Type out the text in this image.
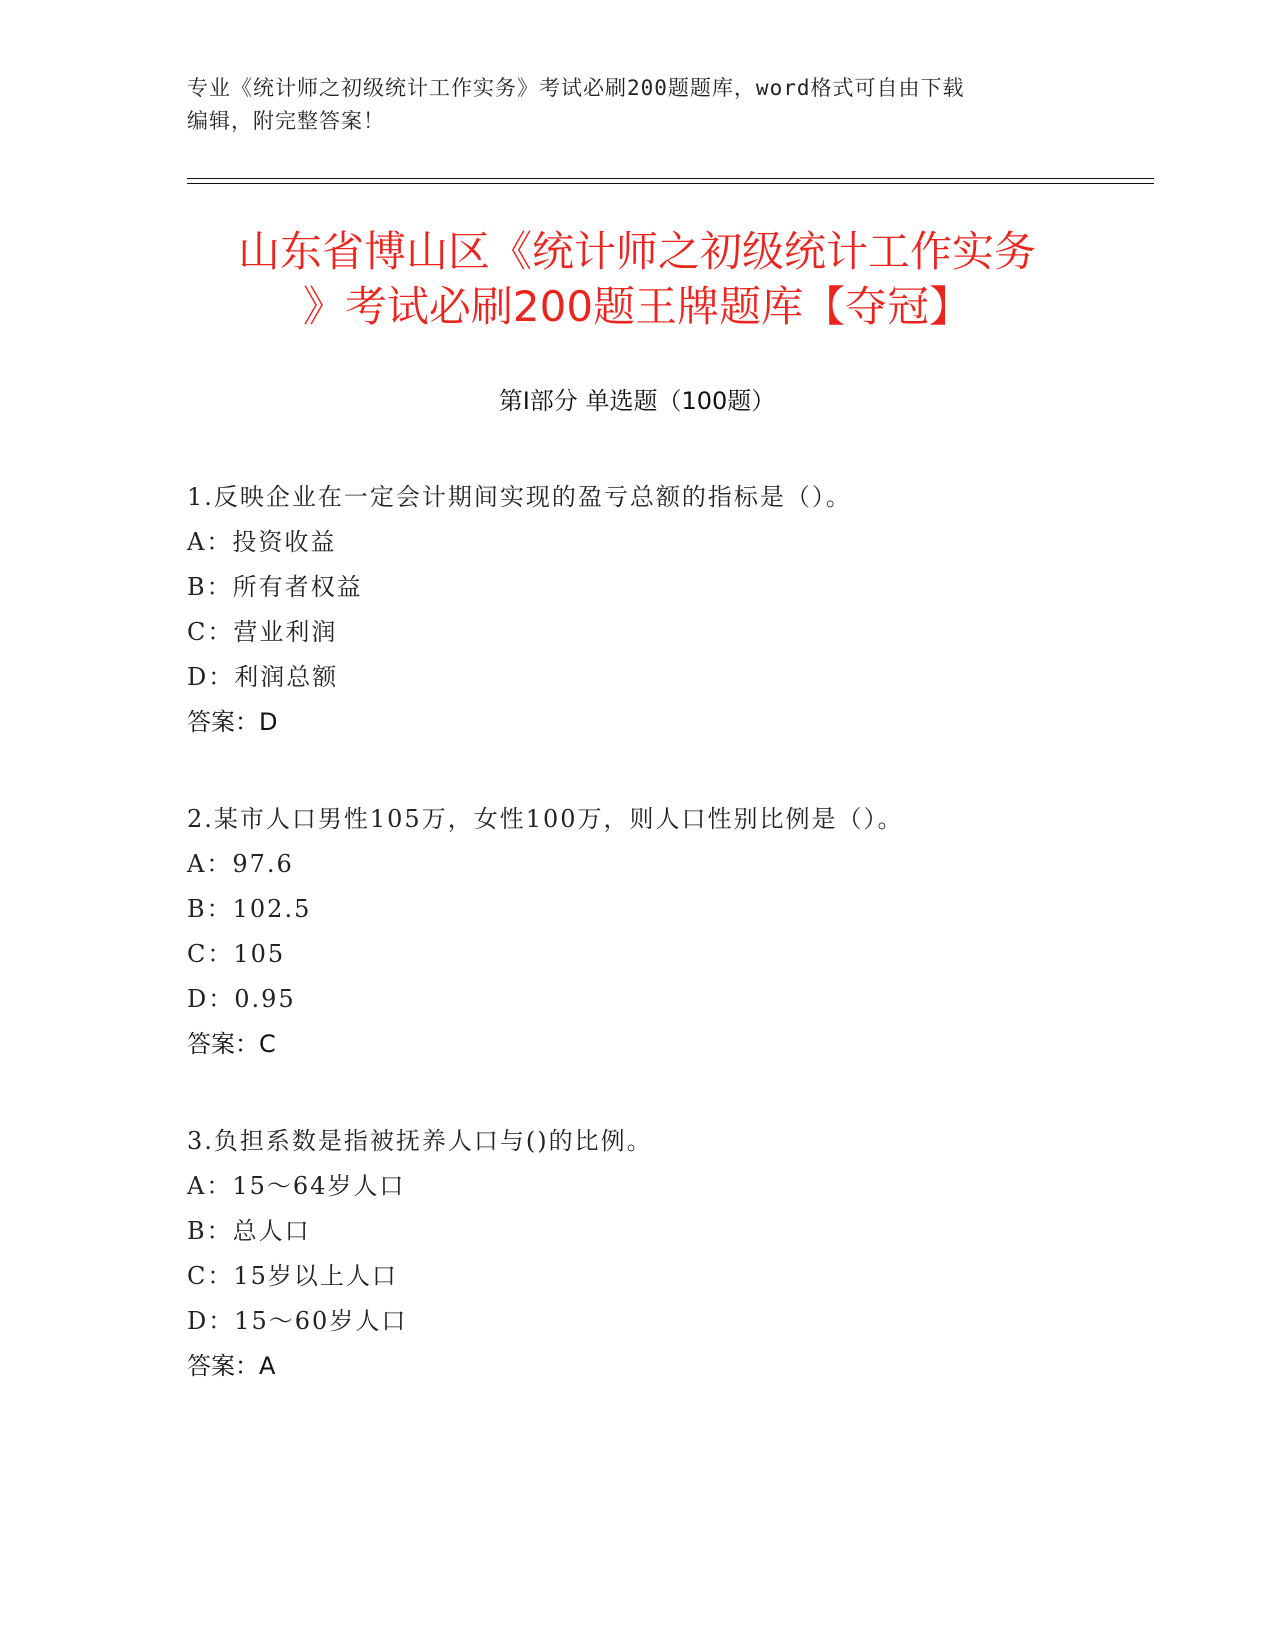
专业《统计师之初级统计工作实务》考试必刷200题题库，word格式可自由下载
编辑，附完整答案！
山东省博山区《统计师之初级统计工作实务
》考试必刷200题王牌题库【夺冠】
第Ⅰ部分 单选题（100题）
1.反映企业在一定会计期间实现的盈亏总额的指标是（）。
A：投资收益
B：所有者权益
C：营业利润
D：利润总额
答案：D
2.某市人口男性105万，女性100万，则人口性别比例是（）。
A：97.6
B：102.5
C：105
D：0.95
答案：C
3.负担系数是指被抚养人口与()的比例。
A：15～64岁人口
B：总人口
C：15岁以上人口
D：15～60岁人口
答案：A
